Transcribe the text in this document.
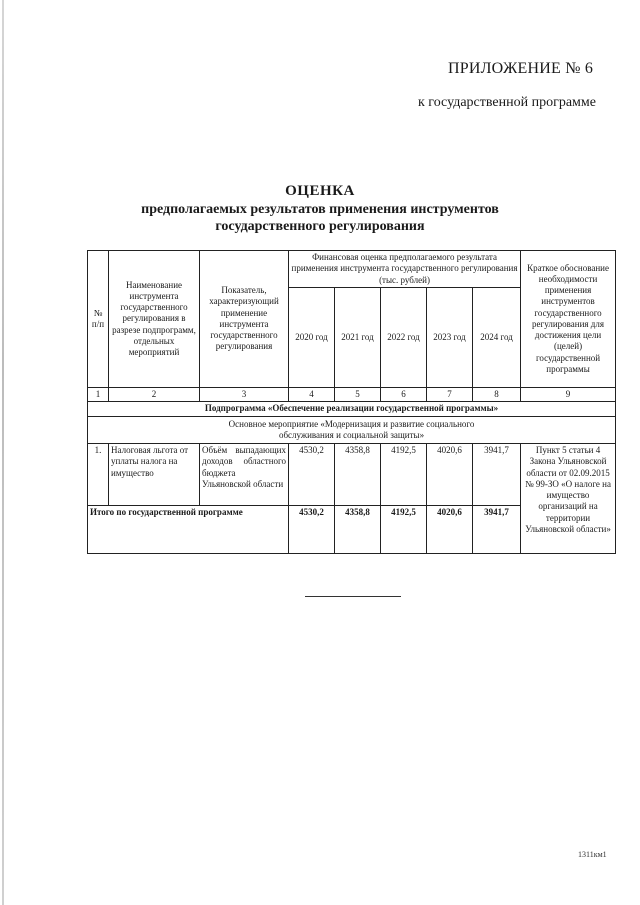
ПРИЛОЖЕНИЕ № 6
к государственной программе
ОЦЕНКА
предполагаемых результатов применения инструментов
государственного регулирования
№ п/п	Наименование инструмента государственного регулирования в разрезе подпрограмм, отдельных мероприятий	Показатель, характеризующий применение инструмента государственного регулирования	Финансовая оценка предполагаемого результата применения инструмента государственного регулирования (тыс. рублей)					Краткое обоснование необходимости применения инструментов государственного регулирования для достижения цели (целей) государственной программы
			2020 год	2021 год	2022 год	2023 год	2024 год	
1	2	3	4	5	6	7	8	9
Подпрограмма «Обеспечение реализации государственной программы»								

Основное мероприятие «Модернизация и развитие социального обслуживания и социальной защиты»								

1.	Налоговая льгота от уплаты налога на имущество	Объём выпадающих доходов областного бюджета Ульяновской области	4530,2	4358,8	4192,5	4020,6	3941,7	Пункт 5 статьи 4 Закона Ульяновской области от 02.09.2015 № 99-ЗО «О налоге на имущество организаций на территории Ульяновской области»
Итого по государственной программе			4530,2	4358,8	4192,5	4020,6	3941,7	
1311км1
